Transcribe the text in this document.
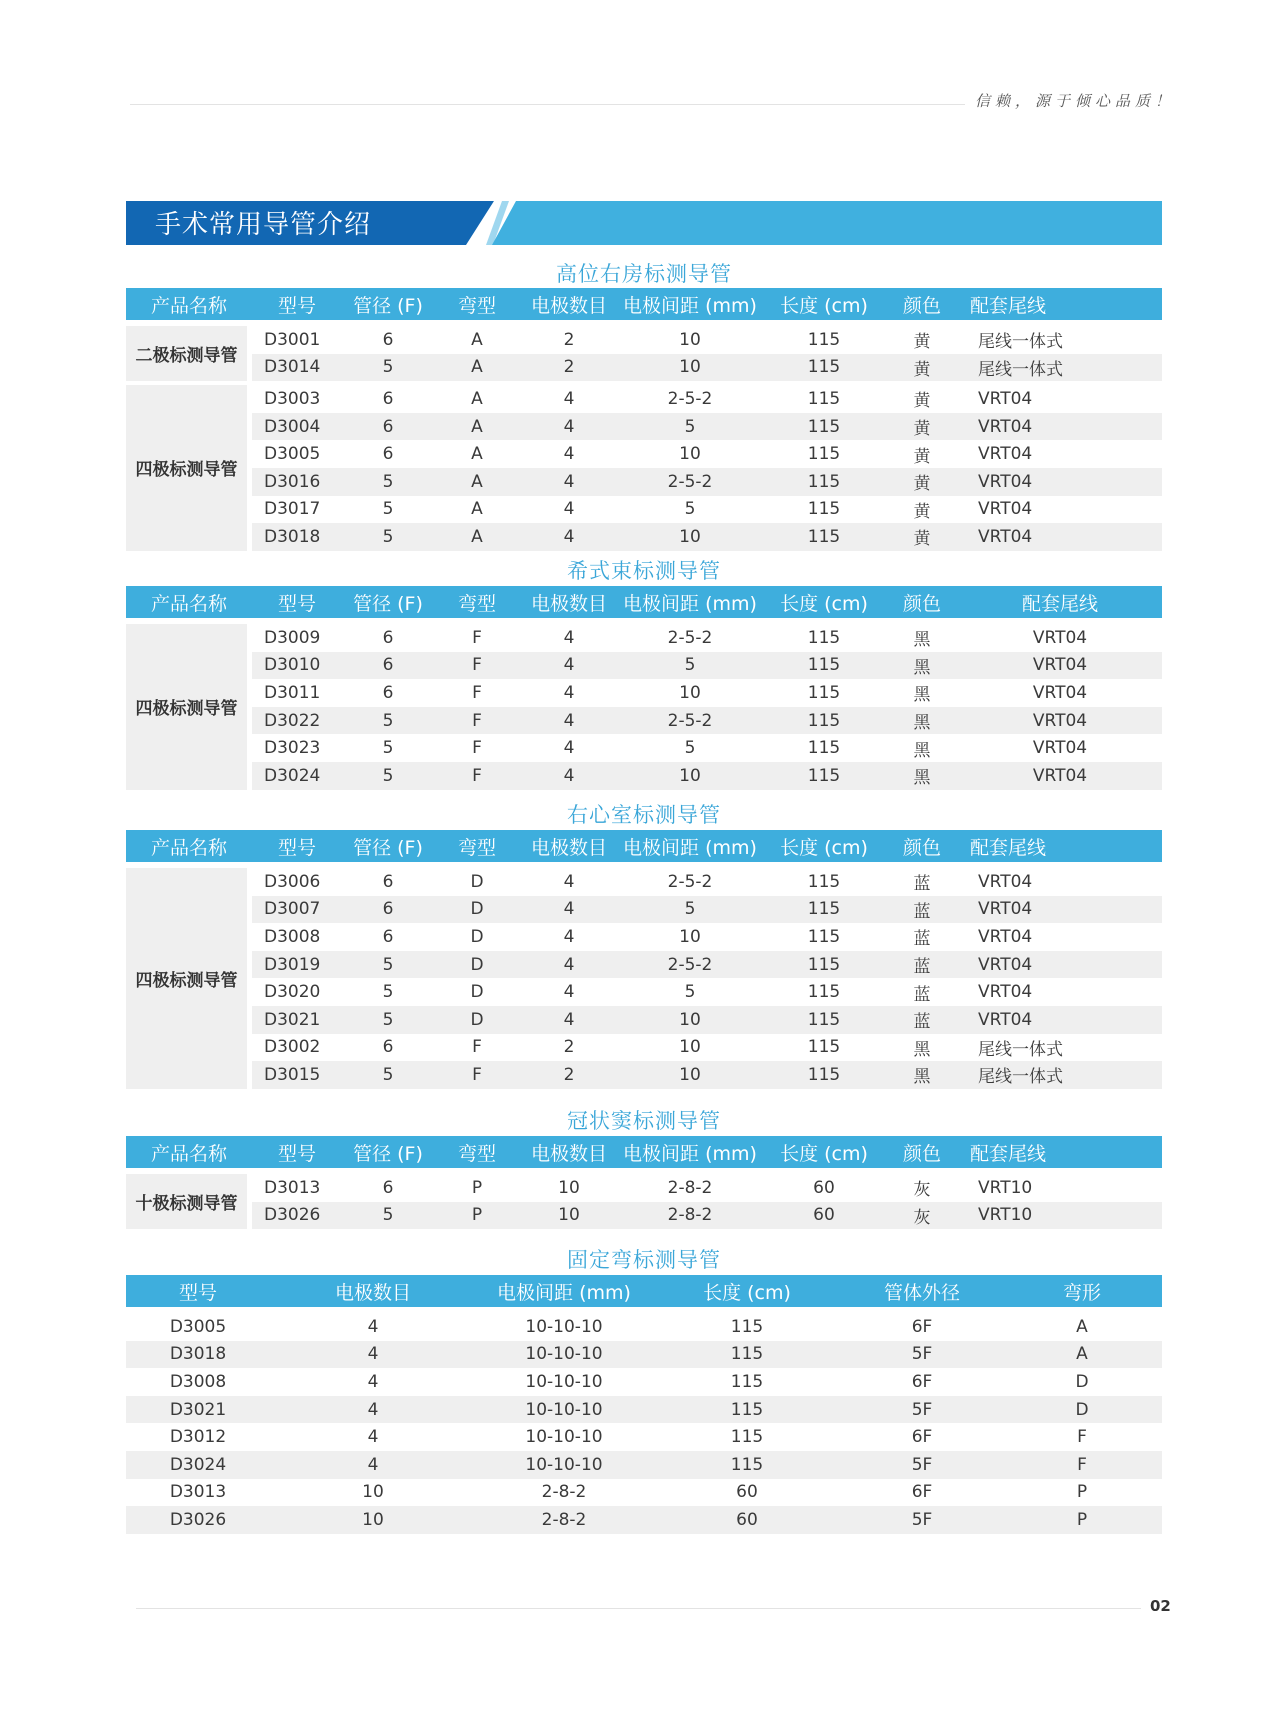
信赖，源于倾心品质！
手术常用导管介绍
高位右房标测导管
希式束标测导管
右心室标测导管
冠状窦标测导管
固定弯标测导管
产品名称	型号	管径 (F)	弯型	电极数目	电极间距 (mm)	长度 (cm)	颜色	配套尾线

二极标测导管	D3001	6	A	2	10	115	黄	尾线一体式
	D3014	5	A	2	10	115	黄	尾线一体式
四极标测导管	D3003	6	A	4	2-5-2	115	黄	VRT04
	D3004	6	A	4	5	115	黄	VRT04
	D3005	6	A	4	10	115	黄	VRT04
	D3016	5	A	4	2-5-2	115	黄	VRT04
	D3017	5	A	4	5	115	黄	VRT04
	D3018	5	A	4	10	115	黄	VRT04
产品名称	型号	管径 (F)	弯型	电极数目	电极间距 (mm)	长度 (cm)	颜色	配套尾线

四极标测导管	D3009	6	F	4	2-5-2	115	黑	VRT04
	D3010	6	F	4	5	115	黑	VRT04
	D3011	6	F	4	10	115	黑	VRT04
	D3022	5	F	4	2-5-2	115	黑	VRT04
	D3023	5	F	4	5	115	黑	VRT04
	D3024	5	F	4	10	115	黑	VRT04
产品名称	型号	管径 (F)	弯型	电极数目	电极间距 (mm)	长度 (cm)	颜色	配套尾线

四极标测导管	D3006	6	D	4	2-5-2	115	蓝	VRT04
	D3007	6	D	4	5	115	蓝	VRT04
	D3008	6	D	4	10	115	蓝	VRT04
	D3019	5	D	4	2-5-2	115	蓝	VRT04
	D3020	5	D	4	5	115	蓝	VRT04
	D3021	5	D	4	10	115	蓝	VRT04
	D3002	6	F	2	10	115	黑	尾线一体式
	D3015	5	F	2	10	115	黑	尾线一体式
产品名称	型号	管径 (F)	弯型	电极数目	电极间距 (mm)	长度 (cm)	颜色	配套尾线

十极标测导管	D3013	6	P	10	2-8-2	60	灰	VRT10
	D3026	5	P	10	2-8-2	60	灰	VRT10
型号	电极数目	电极间距 (mm)	长度 (cm)	管体外径	弯形

D3005	4	10-10-10	115	6F	A
D3018	4	10-10-10	115	5F	A
D3008	4	10-10-10	115	6F	D
D3021	4	10-10-10	115	5F	D
D3012	4	10-10-10	115	6F	F
D3024	4	10-10-10	115	5F	F
D3013	10	2-8-2	60	6F	P
D3026	10	2-8-2	60	5F	P
02
